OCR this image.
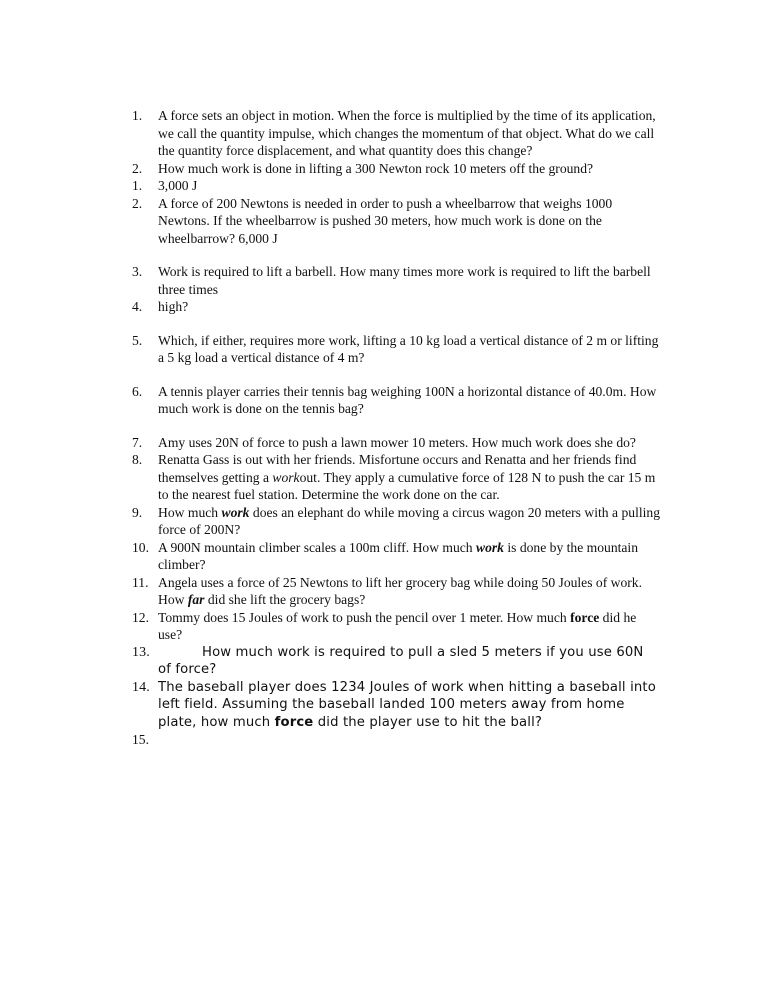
1.	A force sets an object in motion. When the force is multiplied by the time of its application, we call the quantity impulse, which changes the momentum of that object. What do we call the quantity force displacement, and what quantity does this change?
2.	How much work is done in lifting a 300 Newton rock 10 meters off the ground?
1.	3,000 J
2.	A force of 200 Newtons is needed in order to push a wheelbarrow that weighs 1000 Newtons. If the wheelbarrow is pushed 30 meters, how much work is done on the wheelbarrow? 6,000 J
3.	Work is required to lift a barbell. How many times more work is required to lift the barbell three times
4.	high?
5.	Which, if either, requires more work, lifting a 10 kg load a vertical distance of 2 m or lifting a 5 kg load a vertical distance of 4 m?
6.	A tennis player carries their tennis bag weighing 100N a horizontal distance of 40.0m. How much work is done on the tennis bag?
7.	Amy uses 20N of force to push a lawn mower 10 meters. How much work does she do?
8.	Renatta Gass is out with her friends. Misfortune occurs and Renatta and her friends find themselves getting a workout. They apply a cumulative force of 128 N to push the car 15 m to the nearest fuel station. Determine the work done on the car.
9.	How much work does an elephant do while moving a circus wagon 20 meters with a pulling force of 200N?
10. A 900N mountain climber scales a 100m cliff. How much work is done by the mountain climber?
11. Angela uses a force of 25 Newtons to lift her grocery bag while doing 50 Joules of work. How far did she lift the grocery bags?
12. Tommy does 15 Joules of work to push the pencil over 1 meter. How much force did he use?
13.	How much work is required to pull a sled 5 meters if you use 60N of force?
14. The baseball player does 1234 Joules of work when hitting a baseball into left field. Assuming the baseball landed 100 meters away from home plate, how much force did the player use to hit the ball?
15.
